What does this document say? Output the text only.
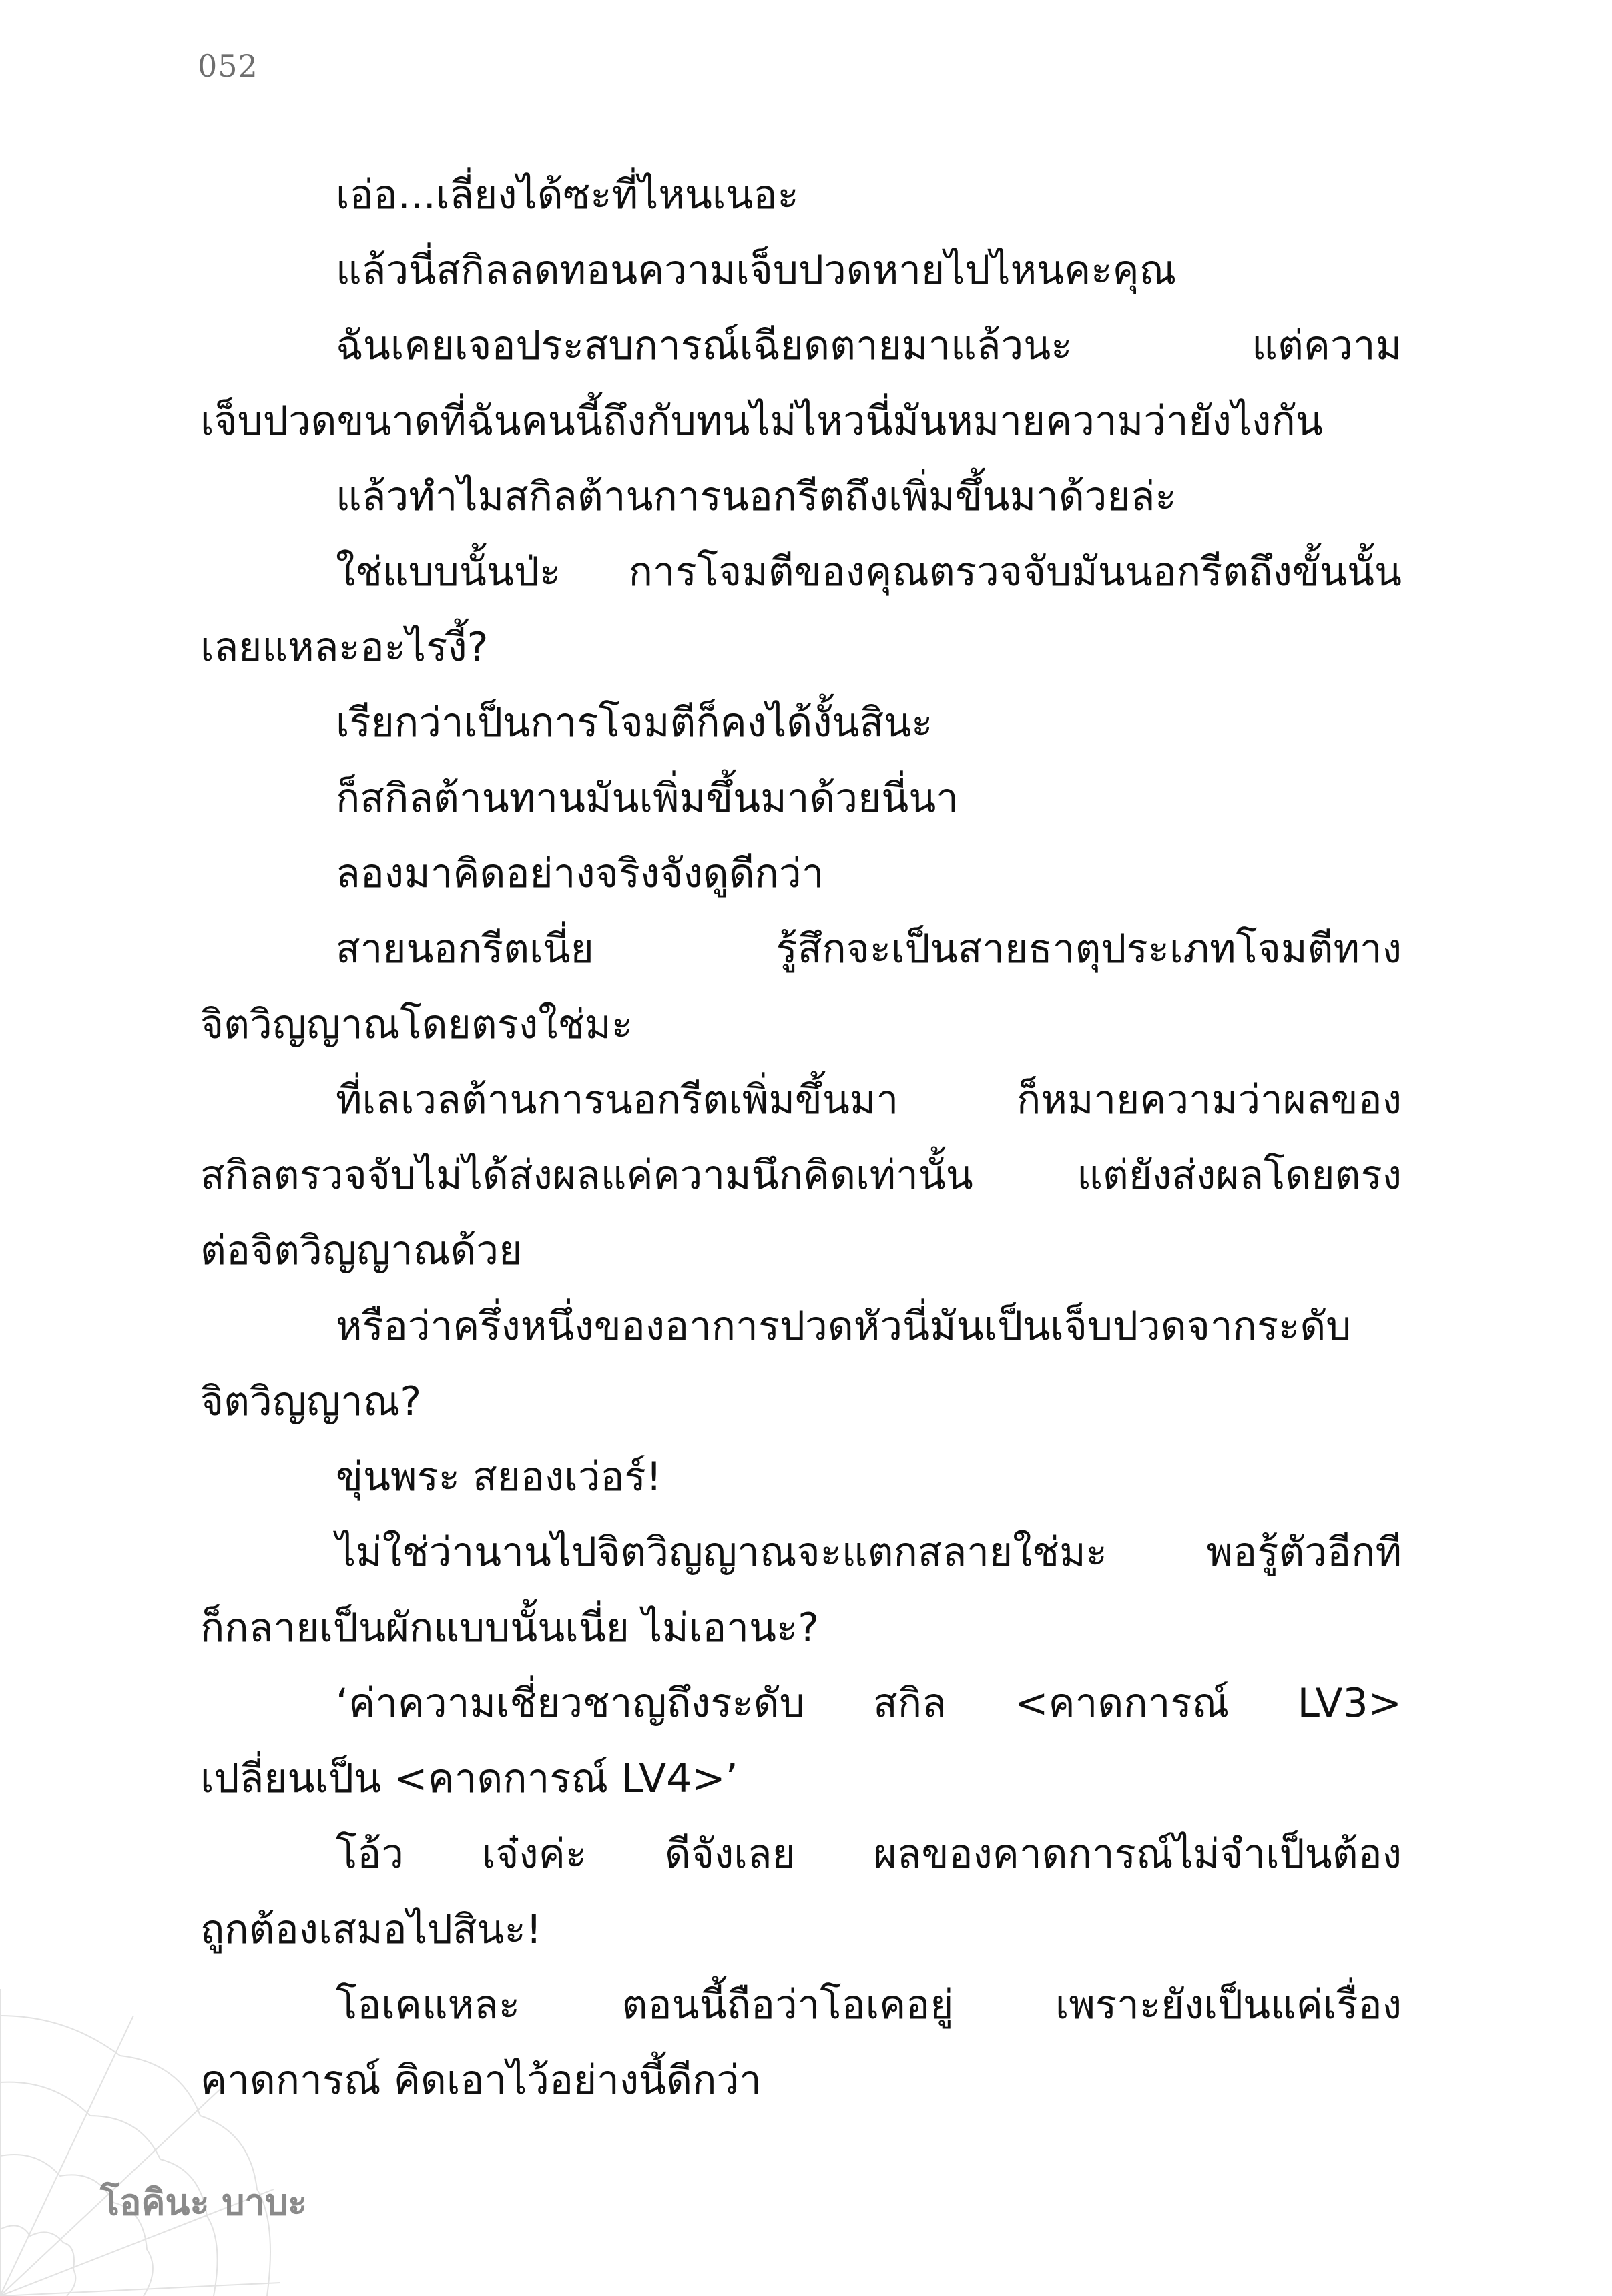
052
เอ่อ...เลี่ยงได้ซะที่ไหนเนอะ
แล้วนี่สกิลลดทอนความเจ็บปวดหายไปไหนคะคุณ
ฉันเคยเจอประสบการณ์เฉียดตายมาแล้วนะ แต่ความ
เจ็บปวดขนาดที่ฉันคนนี้ถึงกับทนไม่ไหวนี่มันหมายความว่ายังไงกัน
แล้วทำไมสกิลต้านการนอกรีตถึงเพิ่มขึ้นมาด้วยล่ะ
ใช่แบบนั้นป่ะ การโจมตีของคุณตรวจจับมันนอกรีตถึงขั้นนั้น
เลยแหละอะไรงี้?
เรียกว่าเป็นการโจมตีก็คงได้งั้นสินะ
ก็สกิลต้านทานมันเพิ่มขึ้นมาด้วยนี่นา
ลองมาคิดอย่างจริงจังดูดีกว่า
สายนอกรีตเนี่ย รู้สึกจะเป็นสายธาตุประเภทโจมตีทาง
จิตวิญญาณโดยตรงใช่มะ
ที่เลเวลต้านการนอกรีตเพิ่มขึ้นมา ก็หมายความว่าผลของ
สกิลตรวจจับไม่ได้ส่งผลแค่ความนึกคิดเท่านั้น แต่ยังส่งผลโดยตรง
ต่อจิตวิญญาณด้วย
หรือว่าครึ่งหนึ่งของอาการปวดหัวนี่มันเป็นเจ็บปวดจากระดับ
จิตวิญญาณ?
ขุ่นพระ สยองเว่อร์!
ไม่ใช่ว่านานไปจิตวิญญาณจะแตกสลายใช่มะ พอรู้ตัวอีกที
ก็กลายเป็นผักแบบนั้นเนี่ย ไม่เอานะ?
‘ค่าความเชี่ยวชาญถึงระดับ สกิล <คาดการณ์ LV3>
เปลี่ยนเป็น <คาดการณ์ LV4>’
โอ้ว เจ๋งค่ะ ดีจังเลย ผลของคาดการณ์ไม่จำเป็นต้อง
ถูกต้องเสมอไปสินะ!
โอเคแหละ ตอนนี้ถือว่าโอเคอยู่ เพราะยังเป็นแค่เรื่อง
คาดการณ์ คิดเอาไว้อย่างนี้ดีกว่า
โอคินะ บาบะ
